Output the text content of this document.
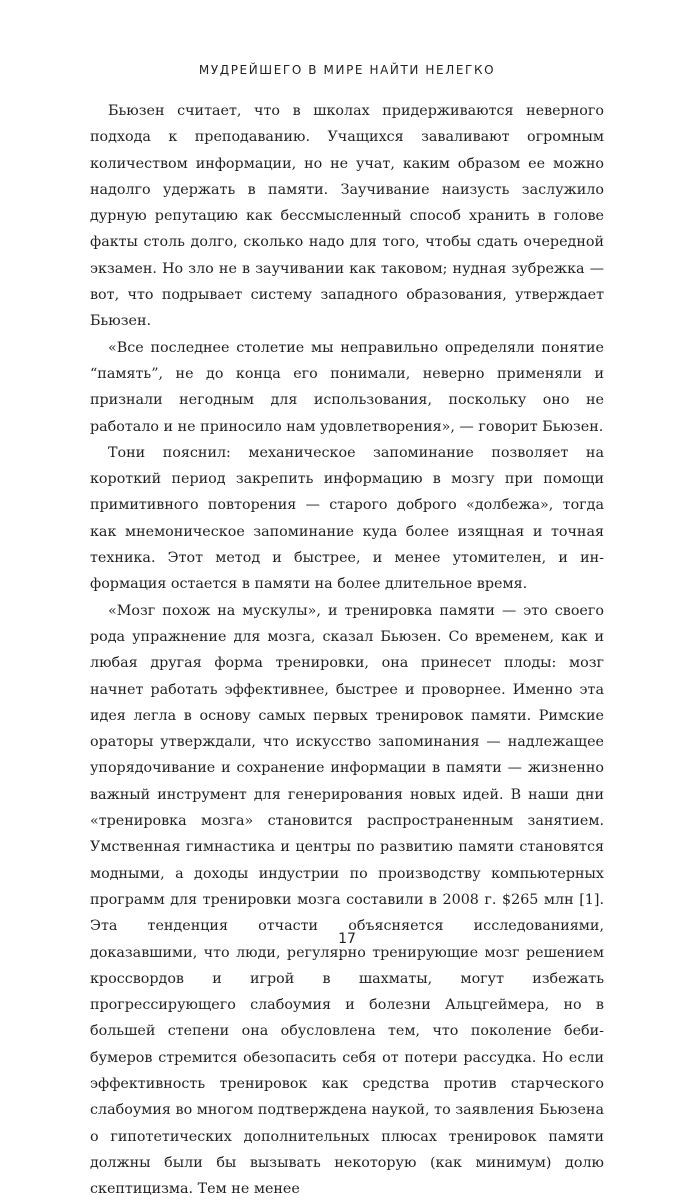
МУДРЕЙШЕГО В МИРЕ НАЙТИ НЕЛЕГКО

Бьюзен считает, что в школах придерживаются неверного подхода к преподаванию. Учащихся заваливают огромным количеством информации, но не учат, каким образом ее можно надолго удержать в памяти. Заучивание наизусть заслужило дурную репутацию как бессмысленный способ хранить в голове факты столь долго, сколько надо для того, чтобы сдать очередной экзамен. Но зло не в заучивании как таковом; нудная зубрежка — вот, что подрывает систему западного образования, утверждает Бьюзен.

«Все последнее столетие мы неправильно определяли понятие “память”, не до конца его понимали, неверно применяли и признали негодным для использования, поскольку оно не работало и не приносило нам удовлетворения», — говорит Бьюзен.

Тони пояснил: механическое запоминание позволяет на короткий период закрепить информацию в мозгу при помощи примитивного повторения — старого доброго «долбежа», тогда как мнемоническое запоминание куда более изящная и точная техника. Этот метод и быстрее, и менее утомителен, и информация остается в памяти на более длительное время.

«Мозг похож на мускулы», и тренировка памяти — это своего рода упражнение для мозга, сказал Бьюзен. Со временем, как и любая другая форма тренировки, она принесет плоды: мозг начнет работать эффективнее, быстрее и проворнее. Именно эта идея легла в основу самых первых тренировок памяти. Римские ораторы утверждали, что искусство запоминания — надлежащее упорядочивание и сохранение информации в памяти — жизненно важный инструмент для генерирования новых идей. В наши дни «тренировка мозга» становится распространенным занятием. Умственная гимнастика и центры по развитию памяти становятся модными, а доходы индустрии по производству компьютерных программ для тренировки мозга составили в 2008 г. $265 млн [1]. Эта тенденция отчасти объясняется исследованиями, доказавшими, что люди, регулярно тренирующие мозг решением кроссвордов и игрой в шахматы, могут избежать прогрессирующего слабоумия и болезни Альцгеймера, но в большей степени она обусловлена тем, что поколение беби-бумеров стремится обезопасить себя от потери рассудка. Но если эффективность тренировок как средства против старческого слабоумия во многом подтверждена наукой, то заявления Бьюзена о гипотетических дополнительных плюсах тренировок памяти должны были бы вызывать некоторую (как минимум) долю скептицизма. Тем не менее

17
